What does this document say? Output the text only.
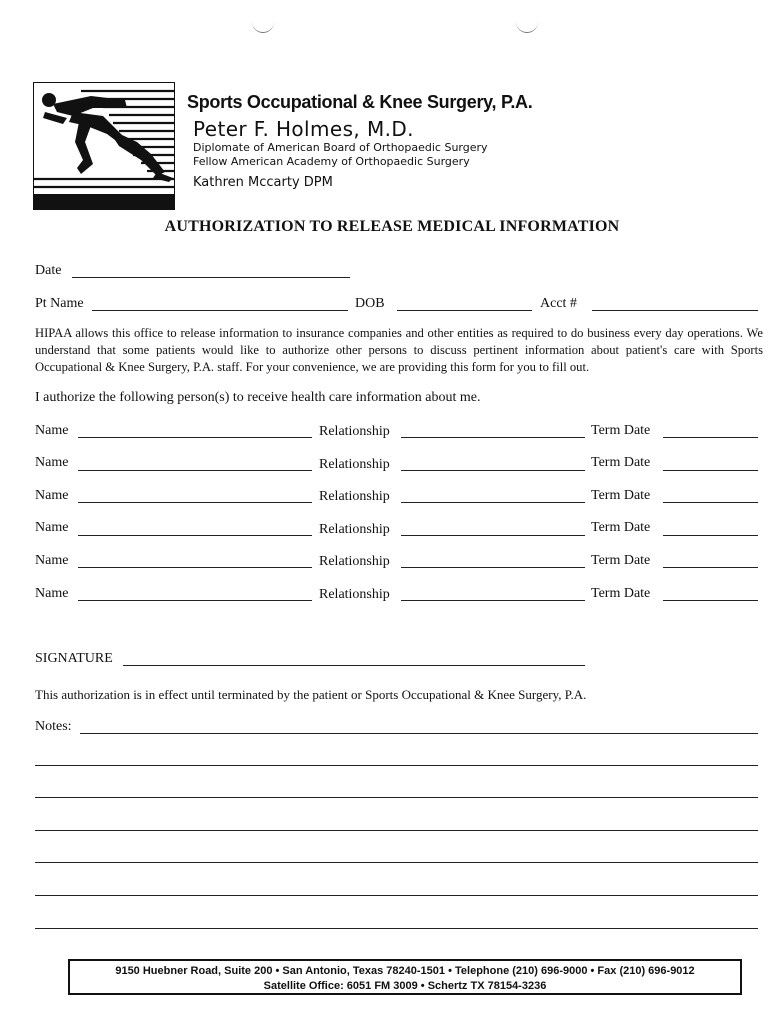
Sports Occupational & Knee Surgery, P.A.
Peter F. Holmes, M.D.
Diplomate of American Board of Orthopaedic Surgery
Fellow American Academy of Orthopaedic Surgery
Kathren Mccarty DPM
AUTHORIZATION TO RELEASE MEDICAL INFORMATION
Date
Pt Name	DOB	Acct #
HIPAA allows this office to release information to insurance companies and other entities as required to do business every day operations. We understand that some patients would like to authorize other persons to discuss pertinent information about patient's care with Sports Occupational & Knee Surgery, P.A. staff. For your convenience, we are providing this form for you to fill out.
I authorize the following person(s) to receive health care information about me.
Name	Relationship	Term Date
Name	Relationship	Term Date
Name	Relationship	Term Date
Name	Relationship	Term Date
Name	Relationship	Term Date
Name	Relationship	Term Date
SIGNATURE
This authorization is in effect until terminated by the patient or Sports Occupational & Knee Surgery, P.A.
Notes:
9150 Huebner Road, Suite 200 • San Antonio, Texas 78240-1501 • Telephone (210) 696-9000 • Fax (210) 696-9012
Satellite Office: 6051 FM 3009 • Schertz TX 78154-3236
